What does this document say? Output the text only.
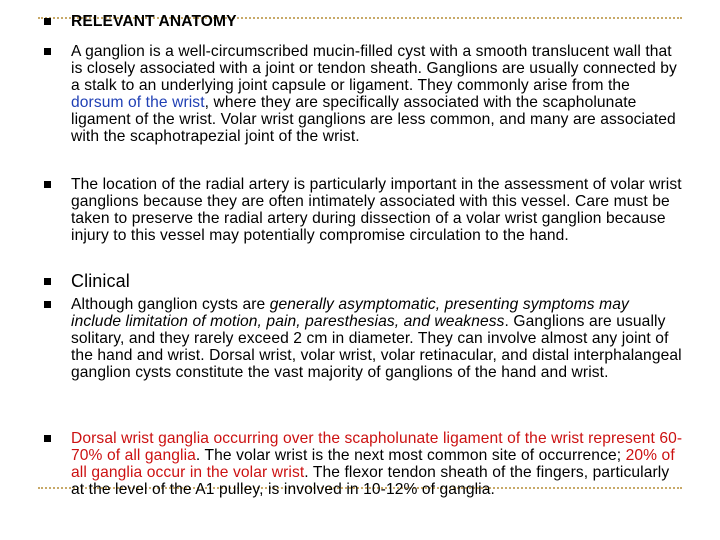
RELEVANT ANATOMY
A ganglion is a well-circumscribed mucin-filled cyst with a smooth translucent wall that is closely associated with a joint or tendon sheath. Ganglions are usually connected by a stalk to an underlying joint capsule or ligament. They commonly arise from the dorsum of the wrist, where they are specifically associated with the scapholunate ligament of the wrist. Volar wrist ganglions are less common, and many are associated with the scaphotrapezial joint of the wrist.
The location of the radial artery is particularly important in the assessment of volar wrist ganglions because they are often intimately associated with this vessel. Care must be taken to preserve the radial artery during dissection of a volar wrist ganglion because injury to this vessel may potentially compromise circulation to the hand.
Clinical
Although ganglion cysts are generally asymptomatic, presenting symptoms may include limitation of motion, pain, paresthesias, and weakness. Ganglions are usually solitary, and they rarely exceed 2 cm in diameter. They can involve almost any joint of the hand and wrist. Dorsal wrist, volar wrist, volar retinacular, and distal interphalangeal ganglion cysts constitute the vast majority of ganglions of the hand and wrist.
Dorsal wrist ganglia occurring over the scapholunate ligament of the wrist represent 60-70% of all ganglia. The volar wrist is the next most common site of occurrence; 20% of all ganglia occur in the volar wrist. The flexor tendon sheath of the fingers, particularly at the level of the A1 pulley, is involved in 10-12% of ganglia.
